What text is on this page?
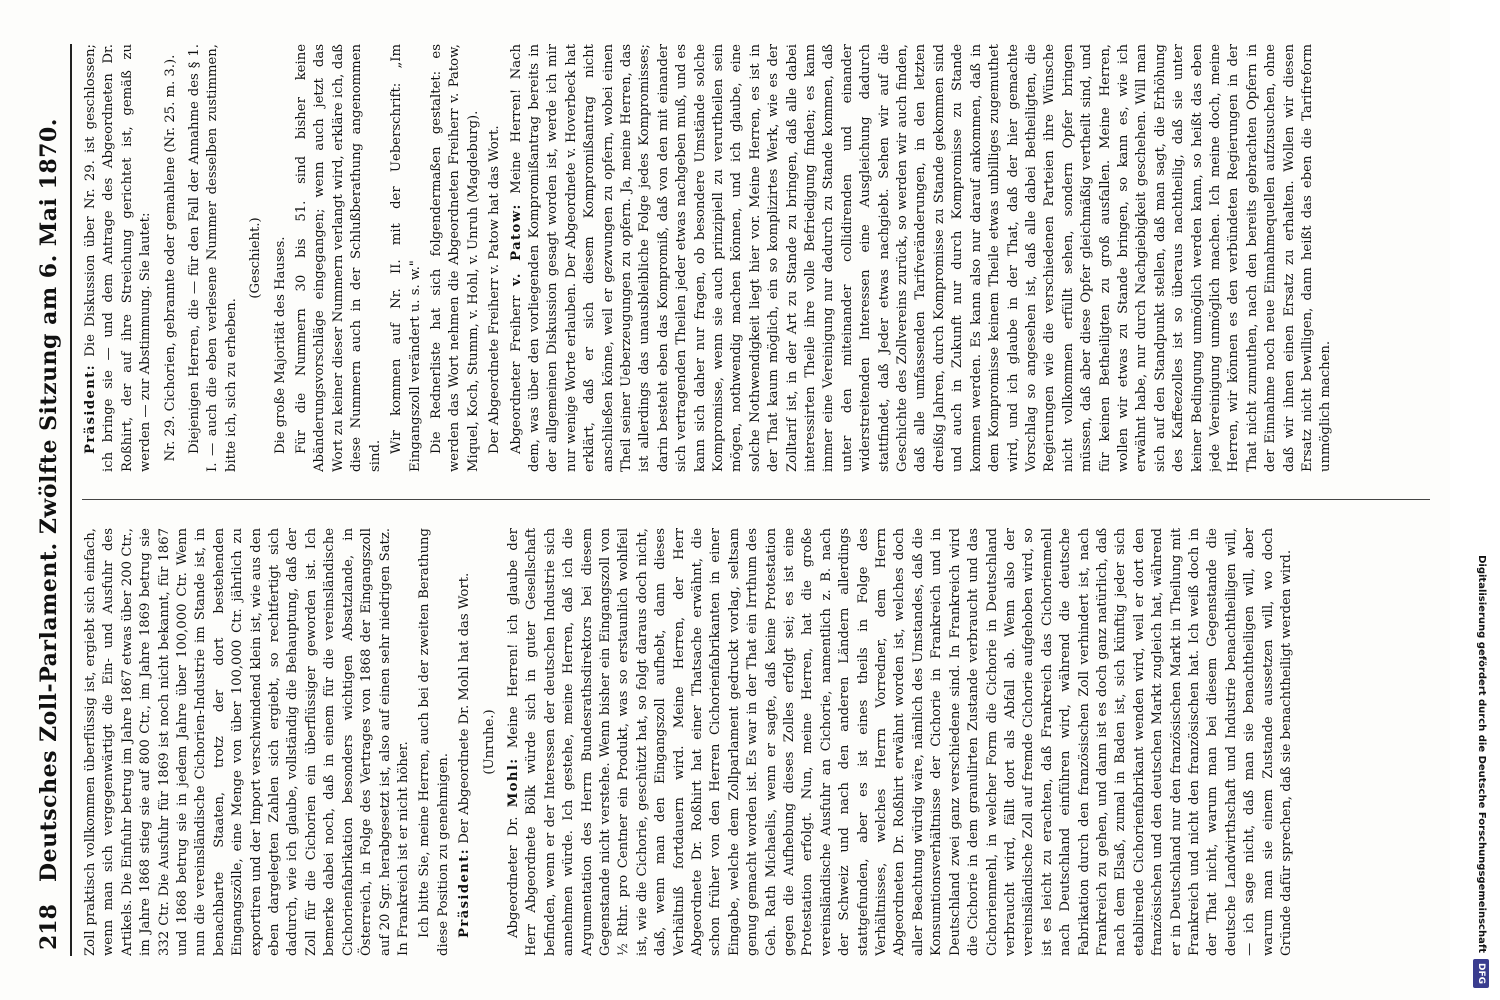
218
Deutsches Zoll-Parlament. Zwölfte Sitzung am 6. Mai 1870. Zoll praktisch vollkommen überflüssig ist, ergiebt sich einfach, wenn man sich vergegenwärtigt die Ein- und Ausfuhr des Artikels. Die Einfuhr betrug im Jahre 1867 etwas über 200 Ctr., im Jahre 1868 stieg sie auf 800 Ctr., im Jahre 1869 betrug sie 332 Ctr. Die Ausfuhr für 1869 ist noch nicht bekannt, für 1867 und 1868 betrug sie in jedem Jahre über 100,000 Ctr. Wenn nun die vereinsländische Cichorien-Industrie im Stande ist, in benachbarte Staaten, trotz der dort bestehenden Eingangszölle, eine Menge von über 100,000 Ctr. jährlich zu exportiren und der Import verschwindend klein ist, wie aus den eben dargelegten Zahlen sich ergiebt, so rechtfertigt sich dadurch, wie ich glaube, vollständig die Behauptung, daß der Zoll für die Cichorien ein überflüssiger geworden ist. Ich bemerke dabei noch, daß in einem für die vereinsländische Cichorienfabrikation besonders wichtigen Absatzlande, in Österreich, in Folge des Vertrages von 1868 der Eingangszoll auf 20 Sgr. herabgesetzt ist, also auf einen sehr niedrigen Satz. In Frankreich ist er nicht höher. Ich bitte Sie, meine Herren, auch bei der zweiten Berathung diese Position zu genehmigen. Präsident: Der Abgeordnete Dr. Mohl hat das Wort. (Unruhe.)

Abgeordneter Dr. Mohl: Meine Herren! ich glaube der Herr Abgeordnete Bölk würde sich in guter Gesellschaft befinden, wenn er der Interessen der deutschen Industrie sich annehmen würde. Ich gestehe, meine Herren, daß ich die Argumentation des Herrn Bundesrathsdirektors bei diesem Gegenstande nicht verstehe. Wenn bisher ein Eingangszoll von ½ Rthr. pro Centner ein Produkt, was so erstaunlich wohlfeil ist, wie die Cichorie, geschützt hat, so folgt daraus doch nicht, daß, wenn man den Eingangszoll aufhebt, dann dieses Verhältniß fortdauern wird. Meine Herren, der Herr Abgeordnete Dr. Roßhirt hat einer Thatsache erwähnt, die schon früher von den Herren Cichorienfabrikanten in einer Eingabe, welche dem Zollparlament gedruckt vorlag, seltsam genug gemacht worden ist. Es war in der That ein Irrthum des Geh. Rath Michaelis, wenn er sagte, daß keine Protestation gegen die Aufhebung dieses Zolles erfolgt sei; es ist eine Protestation erfolgt. Nun, meine Herren, hat die große vereinsländische Ausfuhr an Cichorie, namentlich z. B. nach der Schweiz und nach den anderen Ländern allerdings stattgefunden, aber es ist eines theils in Folge des Verhältnisses, welches Herrn Vorredner, dem Herrn Abgeordneten Dr. Roßhirt erwähnt worden ist, welches doch aller Beachtung würdig wäre, nämlich des Umstandes, daß die Konsumtionsverhältnisse der Cichorie in Frankreich und in Deutschland zwei ganz verschiedene sind. In Frankreich wird die Cichorie in dem granulirten Zustande verbraucht und das Cichorienmehl, in welcher Form die Cichorie in Deutschland verbraucht wird, fällt dort als Abfall ab. Wenn also der vereinsländische Zoll auf fremde Cichorie aufgehoben wird, so ist es leicht zu erachten, daß Frankreich das Cichorienmehl nach Deutschland einführen wird, während die deutsche Fabrikation durch den französischen Zoll verhindert ist, nach Frankreich zu gehen, und dann ist es doch ganz natürlich, daß nach dem Elsaß, zumal in Baden ist, sich künftig jeder sich etablirende Cichorienfabrikant wenden wird, weil er dort den französischen und den deutschen Markt zugleich hat, während er in Deutschland nur den französischen Markt in Theilung mit Frankreich und nicht den französischen hat. Ich weiß doch in der That nicht, warum man bei diesem Gegenstande die deutsche Landwirthschaft und Industrie benachtheiligen will, — ich sage nicht, daß man sie benachtheiligen will, aber warum man sie einem Zustande aussetzen will, wo doch Gründe dafür sprechen, daß sie benachtheiligt werden wird.

Präsident: Die Diskussion über Nr. 29. ist geschlossen; ich bringe sie — und dem Antrage des Abgeordneten Dr. Roßhirt, der auf ihre Streichung gerichtet ist, gemäß zu werden — zur Abstimmung. Sie lautet: Nr. 29. Cichorien, gebrannte oder gemahlene (Nr. 25. m. 3.). Diejenigen Herren, die — für den Fall der Annahme des § 1. I. — auch die eben verlesene Nummer desselben zustimmen, bitte ich, sich zu erheben.

(Geschieht.) Die große Majorität des Hauses. Für die Nummern 30 bis 51. sind bisher keine Abänderungsvorschläge eingegangen; wenn auch jetzt das Wort zu keiner dieser Nummern verlangt wird, erkläre ich, daß diese Nummern auch in der Schlußberathung angenommen sind.

Wir kommen auf Nr. II. mit der Ueberschrift: „Im Eingangszoll verändert u. s. w." Die Rednerliste hat sich folgendermaßen gestaltet: es werden das Wort nehmen die Abgeordneten Freiherr v. Patow, Miquel, Koch, Stumm, v. Hohl, v. Unruh (Magdeburg). Der Abgeordnete Freiherr v. Patow hat das Wort. Abgeordneter Freiherr v. Patow: Meine Herren! Nach dem, was über den vorliegenden Kompromißantrag bereits in der allgemeinen Diskussion gesagt worden ist, werde ich mir nur wenige Worte erlauben. Der Abgeordnete v. Hoverbeck hat erklärt, daß er sich diesem Kompromißantrag nicht anschließen könne, weil er gezwungen zu opfern, wobei einen Theil seiner Ueberzeugungen zu opfern. Ja, meine Herren, das ist allerdings das unausbleibliche Folge jedes Kompromisses; darin besteht eben das Kompromiß, daß von den mit einander sich vertragenden Theilen jeder etwas nachgeben muß, und es kann sich daher nur fragen, ob besondere Umstände solche Kompromisse, wenn sie auch prinzipiell zu verurtheilen sein mögen, nothwendig machen können, und ich glaube, eine solche Nothwendigkeit liegt hier vor. Meine Herren, es ist in der That kaum möglich, ein so komplizirtes Werk, wie es der Zolltarif ist, in der Art zu Stande zu bringen, daß alle dabei interessirten Theile ihre volle Befriedigung finden; es kann immer eine Vereinigung nur dadurch zu Stande kommen, daß unter den miteinander collidirenden und einander widerstreitenden Interessen eine Ausgleichung dadurch stattfindet, daß Jeder etwas nachgiebt. Sehen wir auf die Geschichte des Zollvereins zurück, so werden wir auch finden, daß alle umfassenden Tarifveränderungen, in den letzten dreißig Jahren, durch Kompromisse zu Stande gekommen sind und auch in Zukunft nur durch Kompromisse zu Stande kommen werden. Es kann also nur darauf ankommen, daß in dem Kompromisse keinem Theile etwas unbilliges zugemuthet wird, und ich glaube in der That, daß der hier gemachte Vorschlag so angesehen ist, daß alle dabei Betheiligten, die Regierungen wie die verschiedenen Parteien ihre Wünsche nicht vollkommen erfüllt sehen, sondern Opfer bringen müssen, daß aber diese Opfer gleichmäßig vertheilt sind, und für keinen Betheiligten zu groß ausfallen. Meine Herren, wollen wir etwas zu Stande bringen, so kann es, wie ich erwähnt habe, nur durch Nachgiebigkeit geschehen. Will man sich auf den Standpunkt stellen, daß man sagt, die Erhöhung des Kaffeezolles ist so überaus nachtheilig, daß sie unter keiner Bedingung unmöglich werden kann, so heißt das eben jede Vereinigung unmöglich machen. Ich meine doch, meine Herren, wir können es den verbündeten Regierungen in der That nicht zumuthen, nach den bereits gebrachten Opfern in der Einnahme noch neue Einnahmequellen aufzusuchen, ohne daß wir ihnen einen Ersatz zu erhalten. Wollen wir diesen Ersatz nicht bewilligen, dann heißt das eben die Tarifreform unmöglich machen.

Digitalisierung gefördert durch die Deutsche Forschungsgemeinschaft
DFG
